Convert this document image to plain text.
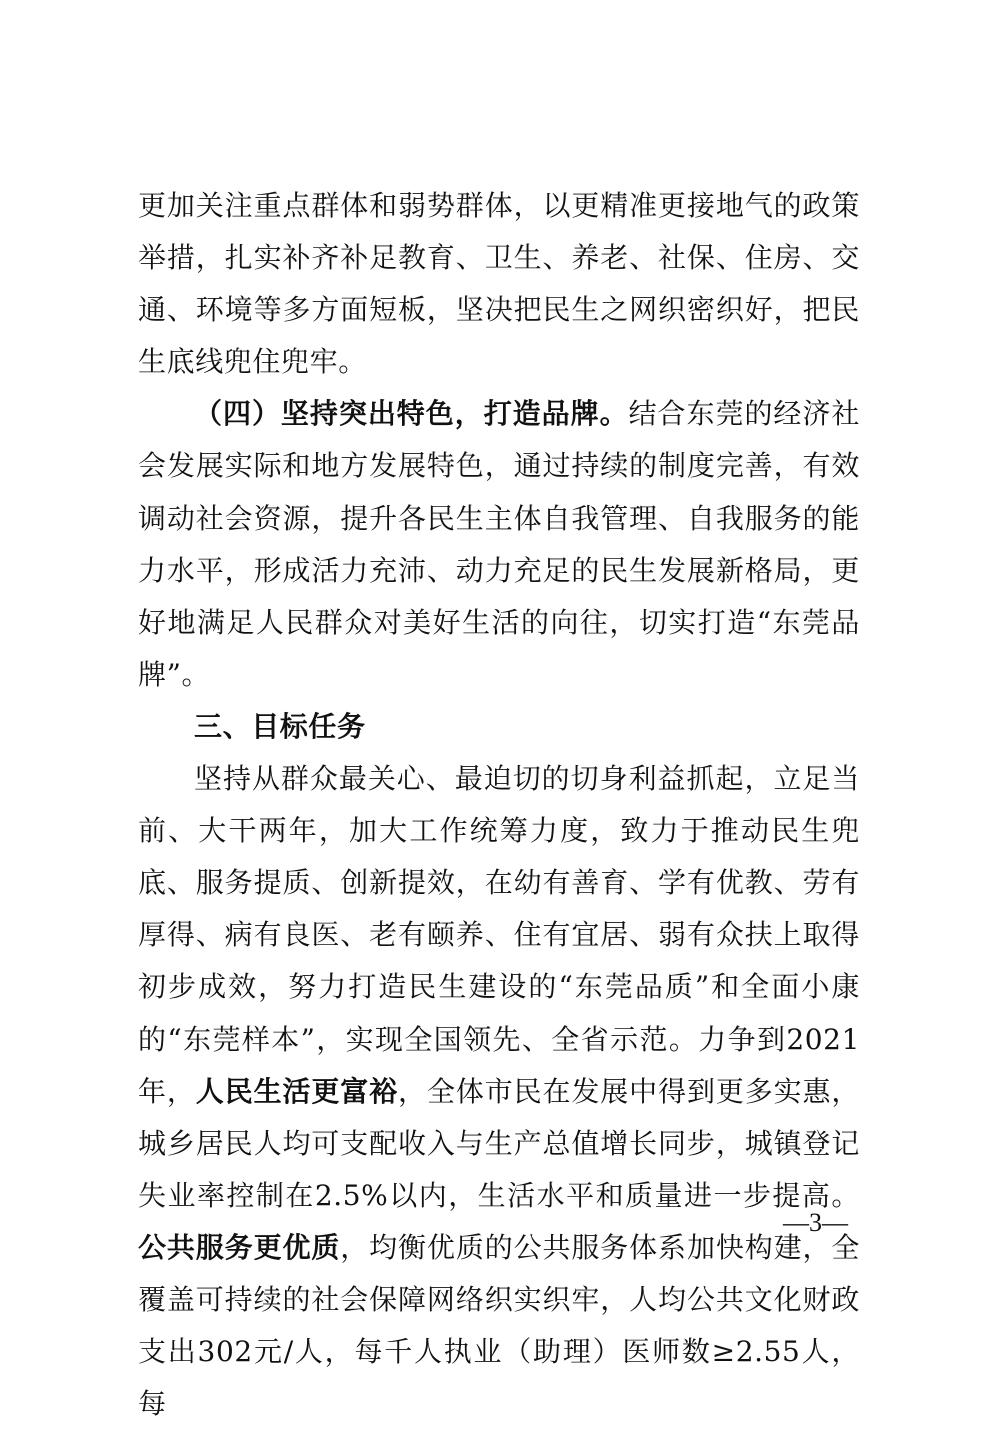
更加关注重点群体和弱势群体，以更精准更接地气的政策举措，扎实补齐补足教育、卫生、养老、社保、住房、交通、环境等多方面短板，坚决把民生之网织密织好，把民生底线兜住兜牢。

（四）坚持突出特色，打造品牌。结合东莞的经济社会发展实际和地方发展特色，通过持续的制度完善，有效调动社会资源，提升各民生主体自我管理、自我服务的能力水平，形成活力充沛、动力充足的民生发展新格局，更好地满足人民群众对美好生活的向往，切实打造“东莞品牌”。

三、目标任务

坚持从群众最关心、最迫切的切身利益抓起，立足当前、大干两年，加大工作统筹力度，致力于推动民生兜底、服务提质、创新提效，在幼有善育、学有优教、劳有厚得、病有良医、老有颐养、住有宜居、弱有众扶上取得初步成效，努力打造民生建设的“东莞品质”和全面小康的“东莞样本”，实现全国领先、全省示范。力争到2021年，人民生活更富裕，全体市民在发展中得到更多实惠，城乡居民人均可支配收入与生产总值增长同步，城镇登记失业率控制在2.5%以内，生活水平和质量进一步提高。公共服务更优质，均衡优质的公共服务体系加快构建，全覆盖可持续的社会保障网络织实织牢，人均公共文化财政支出302元/人，每千人执业（助理）医师数≥2.55人，每

—3—
